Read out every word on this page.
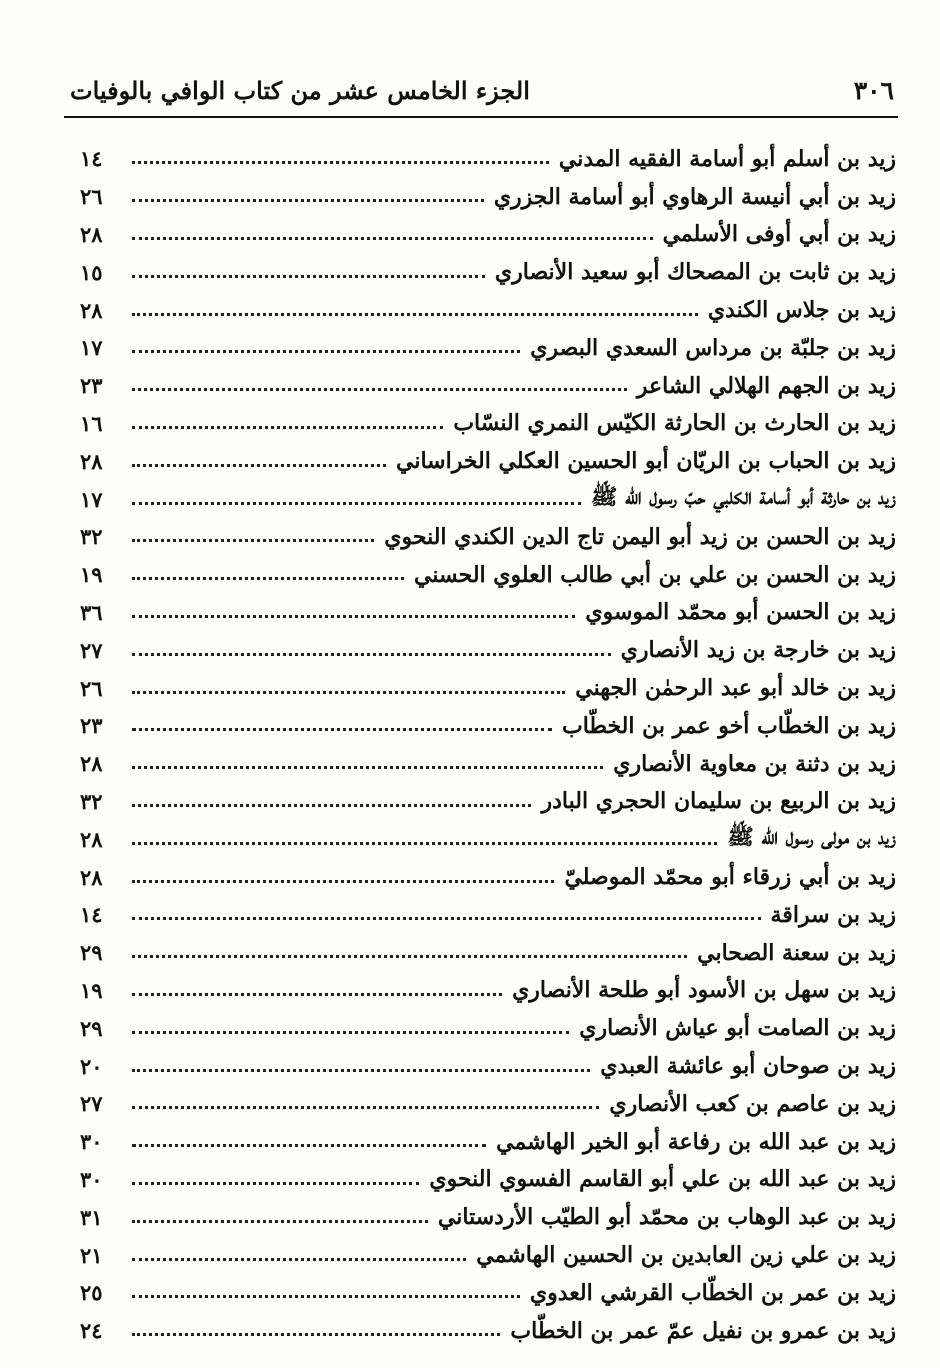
٣٠٦
الجزء الخامس عشر من كتاب الوافي بالوفيات
زيد بن أسلم أبو أسامة الفقيه المدني
١٤
زيد بن أبي أنيسة الرهاوي أبو أسامة الجزري
٢٦
زيد بن أبي أوفى الأسلمي
٢٨
زيد بن ثابت بن المصحاك أبو سعيد الأنصاري
١٥
زيد بن جلاس الكندي
٢٨
زيد بن جلبّة بن مرداس السعدي البصري
١٧
زيد بن الجهم الهلالي الشاعر
٢٣
زيد بن الحارث بن الحارثة الكيّس النمري النسّاب
١٦
زيد بن الحباب بن الريّان أبو الحسين العكلي الخراساني
٢٨
زيد بن حارثة أبو أسامة الكلبي حبّ رسول الله ﷺ
١٧
زيد بن الحسن بن زيد أبو اليمن تاج الدين الكندي النحوي
٣٢
زيد بن الحسن بن علي بن أبي طالب العلوي الحسني
١٩
زيد بن الحسن أبو محمّد الموسوي
٣٦
زيد بن خارجة بن زيد الأنصاري
٢٧
زيد بن خالد أبو عبد الرحمٰن الجهني
٢٦
زيد بن الخطّاب أخو عمر بن الخطّاب
٢٣
زيد بن دثنة بن معاوية الأنصاري
٢٨
زيد بن الربيع بن سليمان الحجري البادر
٣٢
زيد بن مولى رسول الله ﷺ
٢٨
زيد بن أبي زرقاء أبو محمّد الموصليّ
٢٨
زيد بن سراقة
١٤
زيد بن سعنة الصحابي
٢٩
زيد بن سهل بن الأسود أبو طلحة الأنصاري
١٩
زيد بن الصامت أبو عياش الأنصاري
٢٩
زيد بن صوحان أبو عائشة العبدي
٢٠
زيد بن عاصم بن كعب الأنصاري
٢٧
زيد بن عبد الله بن رفاعة أبو الخير الهاشمي
٣٠
زيد بن عبد الله بن علي أبو القاسم الفسوي النحوي
٣٠
زيد بن عبد الوهاب بن محمّد أبو الطيّب الأردستاني
٣١
زيد بن علي زين العابدين بن الحسين الهاشمي
٢١
زيد بن عمر بن الخطّاب القرشي العدوي
٢٥
زيد بن عمرو بن نفيل عمّ عمر بن الخطّاب
٢٤
